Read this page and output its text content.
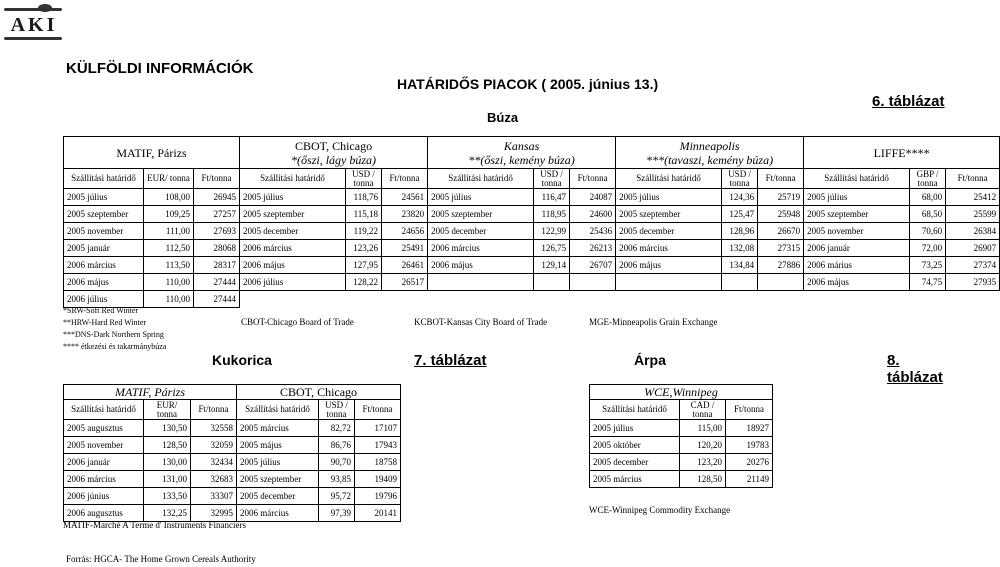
AKI
KÜLFÖLDI INFORMÁCIÓK
HATÁRIDŐS PIACOK ( 2005. június 13.)
Búza
6. táblázat
MATIF, Párizs			CBOT, Chicago
*(őszi, lágy búza)			Kansas
**(őszi, kemény búza)			Minneapolis
***(tavaszi, kemény búza)			LIFFE****		
Szállítási határidő	EUR/ tonna	Ft/tonna	Szállítási határidő	USD / tonna	Ft/tonna	Szállítási határidő	USD / tonna	Ft/tonna	Szállítási határidő	USD / tonna	Ft/tonna	Szállítási határidő	GBP / tonna	Ft/tonna
2005 július	108,00	26945	2005 július	118,76	24561	2005 július	116,47	24087	2005 július	124,36	25719	2005 július	68,00	25412
2005 szeptember	109,25	27257	2005 szeptember	115,18	23820	2005 szeptember	118,95	24600	2005 szeptember	125,47	25948	2005 szeptember	68,50	25599
2005 november	111,00	27693	2005 december	119,22	24656	2005 december	122,99	25436	2005 december	128,96	26670	2005 november	70,60	26384
2005 január	112,50	28068	2006 március	123,26	25491	2006 március	126,75	26213	2006 március	132,08	27315	2006 január	72,00	26907
2006 március	113,50	28317	2006 május	127,95	26461	2006 május	129,14	26707	2006 május	134,84	27886	2006 márius	73,25	27374
2006 május	110,00	27444	2006 július	128,22	26517							2006 május	74,75	27935
2006 július	110,00	27444												
*SRW-Soft Red Winter
**HRW-Hard Red Winter
***DNS-Dark Northern Spring
**** étkezési és takarmánybúza
CBOT-Chicago Board of Trade	KCBOT-Kansas City Board of Trade	MGE-Minneapolis Grain Exchange
Kukorica	7. táblázat	Árpa	8. táblázat
MATIF, Párizs			CBOT, Chicago		
Szállítási határidő	EUR/ tonna	Ft/tonna	Szállítási határidő	USD / tonna	Ft/tonna
2005 augusztus	130,50	32558	2005 március	82,72	17107
2005 november	128,50	32059	2005 május	86,76	17943
2006 január	130,00	32434	2005 július	90,70	18758
2006 március	131,00	32683	2005 szeptember	93,85	19409
2006 június	133,50	33307	2005 december	95,72	19796
2006 augusztus	132,25	32995	2006 március	97,39	20141
MATIF-Marché A Terme d' Instruments Financiers
WCE,Winnipeg		
Szállítási határidő	CAD / tonna	Ft/tonna
2005 július	115,00	18927
2005 október	120,20	19783
2005 december	123,20	20276
2005 március	128,50	21149
WCE-Winnipeg Commodity Exchange
Forrás: HGCA- The Home Grown Cereals Authority
